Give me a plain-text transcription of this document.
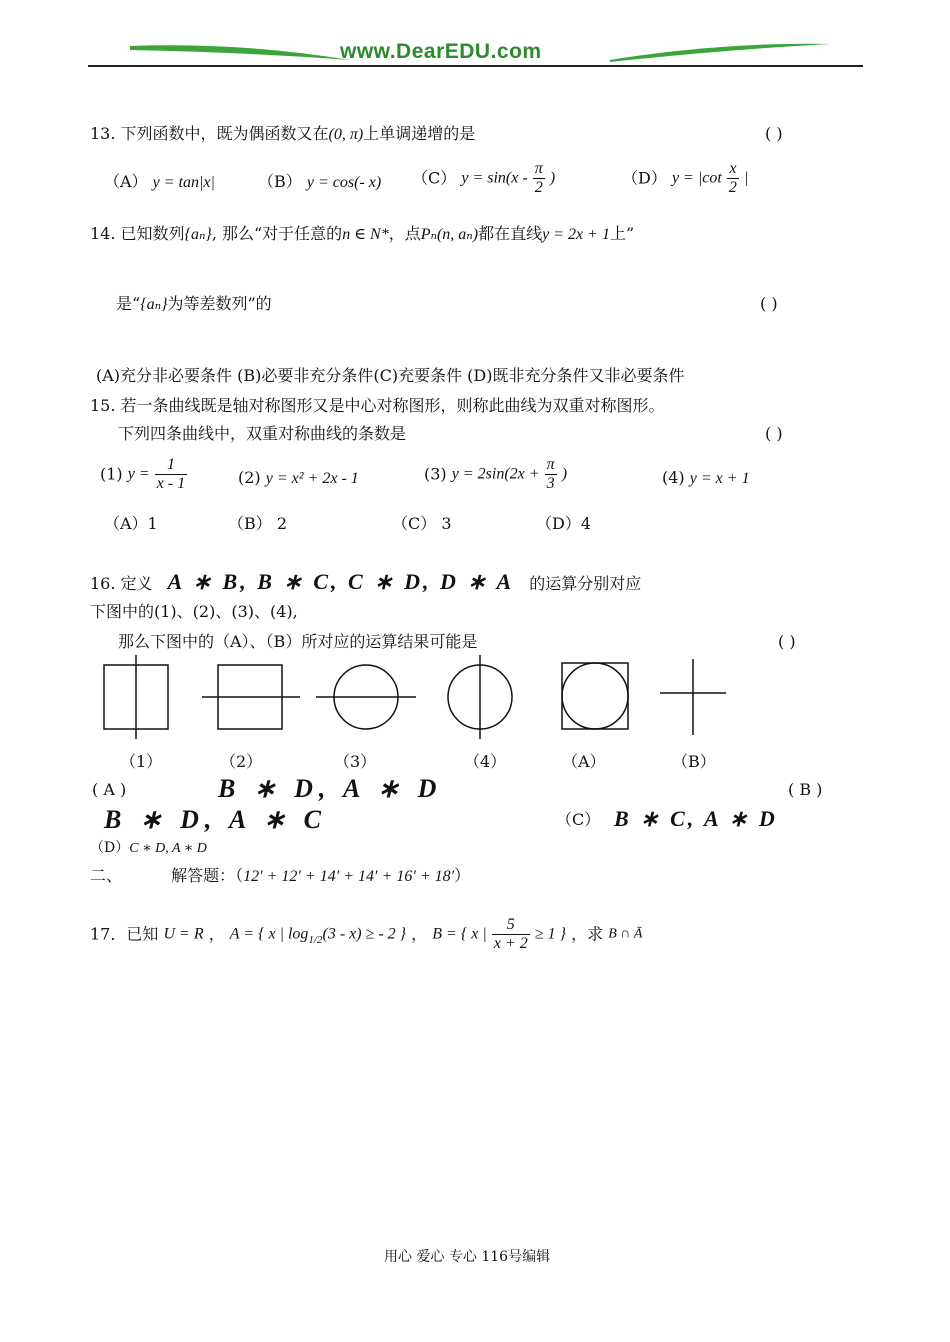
www.DearEDU.com
13. 下列函数中，既为偶函数又在(0, π)上单调递增的是	( )
（A） y = tan|x|	（B） y = cos(- x) （C） $y = \sin(x - \frac{\pi}{2}$ )	（D） $y = |\cot \frac{x}{2}$ |
14. 已知数列{aₙ}, 那么“对于任意的n ∈ N*，点Pₙ(n, aₙ)都在直线y = 2x + 1上”
是“{aₙ}为等差数列”的	( )
(A)充分非必要条件 (B)必要非充分条件(C)充要条件 (D)既非充分条件又非必要条件
15. 若一条曲线既是轴对称图形又是中心对称图形，则称此曲线为双重对称图形。
下列四条曲线中，双重对称曲线的条数是	( )
(1) $y = \frac{1}{x - 1}$	(2) y = x² + 2x - 1	(3) $y = 2\sin(2x + \frac{\pi}{3}$ )	(4) y = x + 1
（A）1	（B） 2	（C） 3	（D）4
16. 定义 A ∗ B, B ∗ C, C ∗ D, D ∗ A 的运算分别对应
下图中的(1)、(2)、(3)、(4),
那么下图中的（A）、（B）所对应的运算结果可能是	( )
（1）	（2）	（3）	（4）	（A）	（B）
( A )	B ∗ D, A ∗ D	( B )
B ∗ D, A ∗ C	（C） B ∗ C, A ∗ D
（D）C ∗ D, A ∗ D
二、	解答题：（12′ + 12′ + 14′ + 14′ + 16′ + 18′）
17．已知 U = R ， A = { x | $\log_{1/2}(3 - x)$ ≥ - 2 } ， B = { x | $\frac{5}{x + 2} \ge 1$ } ，求 B ∩ Ā
用心 爱心 专心 116号编辑
